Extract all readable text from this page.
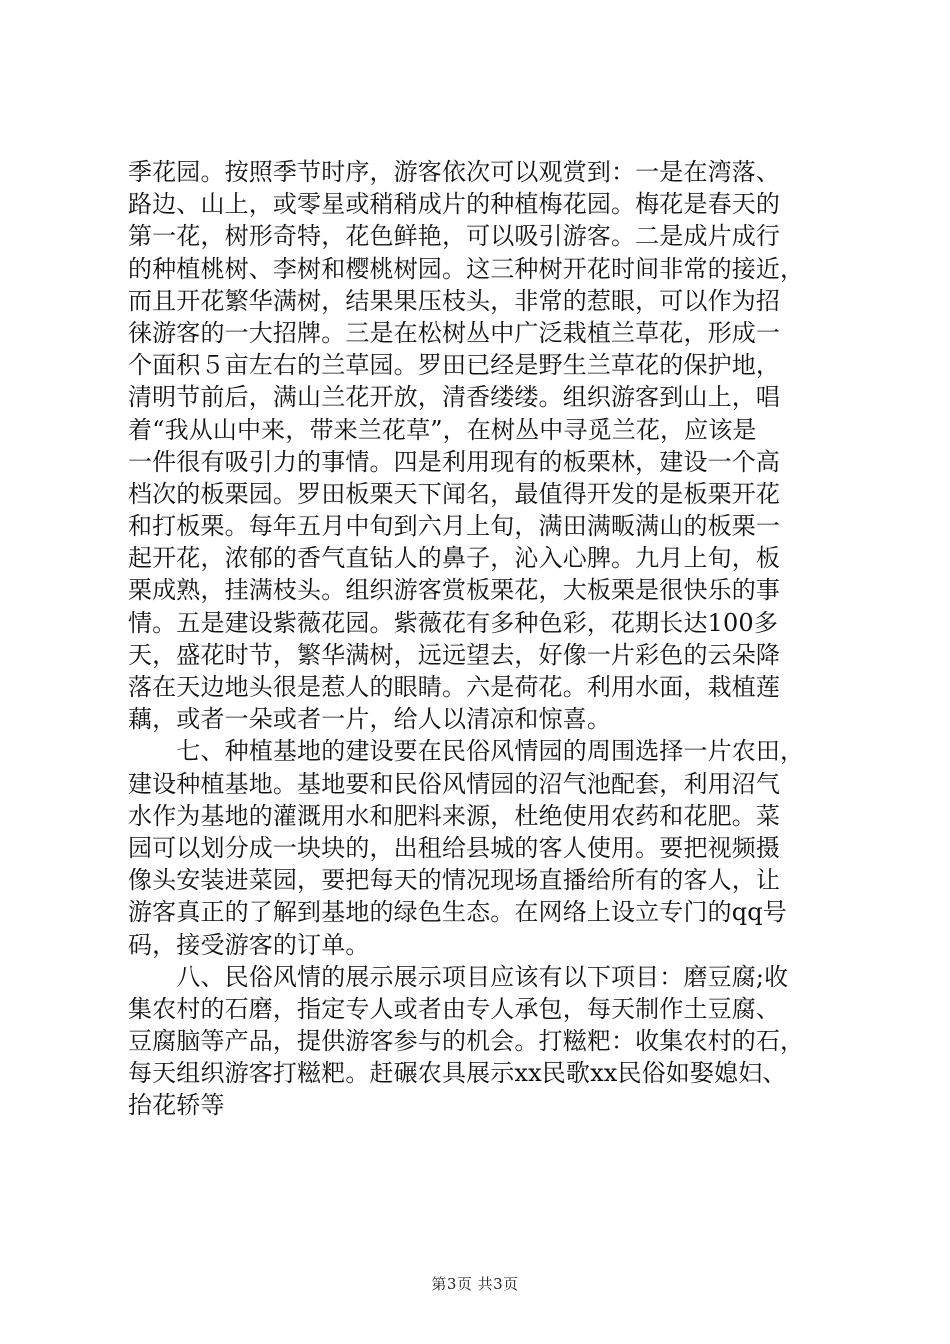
季花园。按照季节时序，游客依次可以观赏到：一是在湾落、
路边、山上，或零星或稍稍成片的种植梅花园。梅花是春天的
第一花，树形奇特，花色鲜艳，可以吸引游客。二是成片成行
的种植桃树、李树和樱桃树园。这三种树开花时间非常的接近，
而且开花繁华满树，结果果压枝头，非常的惹眼，可以作为招
徕游客的一大招牌。三是在松树丛中广泛栽植兰草花，形成一
个面积５亩左右的兰草园。罗田已经是野生兰草花的保护地，
清明节前后，满山兰花开放，清香缕缕。组织游客到山上，唱
着“我从山中来，带来兰花草”，在树丛中寻觅兰花，应该是
一件很有吸引力的事情。四是利用现有的板栗林，建设一个高
档次的板栗园。罗田板栗天下闻名，最值得开发的是板栗开花
和打板栗。每年五月中旬到六月上旬，满田满畈满山的板栗一
起开花，浓郁的香气直钻人的鼻子，沁入心脾。九月上旬，板
栗成熟，挂满枝头。组织游客赏板栗花，大板栗是很快乐的事
情。五是建设紫薇花园。紫薇花有多种色彩，花期长达100多
天，盛花时节，繁华满树，远远望去，好像一片彩色的云朵降
落在天边地头很是惹人的眼睛。六是荷花。利用水面，栽植莲
藕，或者一朵或者一片，给人以清凉和惊喜。
　　七、种植基地的建设要在民俗风情园的周围选择一片农田，
建设种植基地。基地要和民俗风情园的沼气池配套，利用沼气
水作为基地的灌溉用水和肥料来源，杜绝使用农药和花肥。菜
园可以划分成一块块的，出租给县城的客人使用。要把视频摄
像头安装进菜园，要把每天的情况现场直播给所有的客人，让
游客真正的了解到基地的绿色生态。在网络上设立专门的qq号
码，接受游客的订单。
　　八、民俗风情的展示展示项目应该有以下项目：磨豆腐;收
集农村的石磨，指定专人或者由专人承包，每天制作土豆腐、
豆腐脑等产品，提供游客参与的机会。打糍粑：收集农村的石，
每天组织游客打糍粑。赶碾农具展示xx民歌xx民俗如娶媳妇、
抬花轿等
第3页 共3页
